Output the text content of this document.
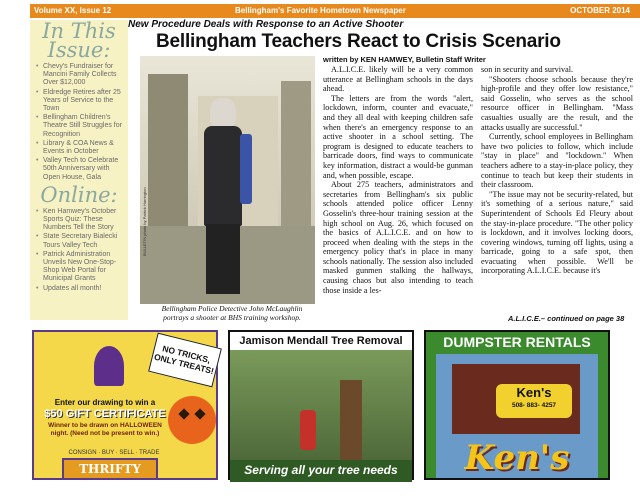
Volume XX, Issue 12	Bellingham's Favorite Hometown Newspaper	OCTOBER 2014
In This
Issue:
• Chevy's Fundraiser for Mancini Family Collects Over $12,000
• Eldredge Retires after 25 Years of Service to the Town
• Bellingham Children's Theatre Still Struggles for Recognition
• Library & COA News & Events in October
• Valley Tech to Celebrate 50th Anniversary with Open House, Gala
Online:
• Ken Hamwey's October Sports Quiz: These Numbers Tell the Story
• State Secretary Bialecki Tours Valley Tech
• Patrick Administration Unveils New One-Stop-Shop Web Portal for Municipal Grants
• Updates all month!
New Procedure Deals with Response to an Active Shooter
Bellingham Teachers React to Crisis Scenario
BULLETIN photo by Patrick Harrington
Bellingham Police Detective John McLaughlin
portrays a shooter at BHS training workshop.
written by KEN HAMWEY, Bulletin Staff Writer

A.L.I.C.E. likely will be a very common utterance at Bellingham schools in the days ahead.

The letters are from the words "alert, lockdown, inform, counter and evacuate," and they all deal with keeping children safe when there's an emergency response to an active shooter in a school setting. The program is designed to educate teachers to barricade doors, find ways to communicate key information, distract a would-be gunman and, when possible, escape.

About 275 teachers, administrators and secretaries from Bellingham's six public schools attended police officer Lenny Gosselin's three-hour training session at the high school on Aug. 26, which focused on the basics of A.L.I.C.E. and on how to proceed when dealing with the steps in the emergency policy that's in place in many schools nationally. The session also included masked gunmen stalking the hallways, causing chaos but also intending to teach those inside a les-

son in security and survival.

"Shooters choose schools because they're high-profile and they offer low resistance," said Gosselin, who serves as the school resource officer in Bellingham. "Mass casualties usually are the result, and the attacks usually are successful."

Currently, school employees in Bellingham have two policies to follow, which include "stay in place" and "lockdown." When teachers adhere to a stay-in-place policy, they continue to teach but keep their students in their classroom.

"The issue may not be security-related, but it's something of a serious nature," said Superintendent of Schools Ed Fleury about the stay-in-place procedure. "The other policy is lockdown, and it involves locking doors, covering windows, turning off lights, using a barricade, going to a safe spot, then evacuating when possible. We'll be incorporating A.L.I.C.E. because it's

A.L.I.C.E.– continued on page 38
NO TRICKS, ONLY TREATS!
Enter our drawing to win a
$50 GIFT CERTIFICATE
Winner to be drawn on HALLOWEEN night. (Need not be present to win.)
CONSIGN · BUY · SELL · TRADE
THRIFTY WITCH
Jamison Mendall Tree Removal
Serving all your tree needs
DUMPSTER RENTALS
Ken's
508- 883- 4257
Ken's
